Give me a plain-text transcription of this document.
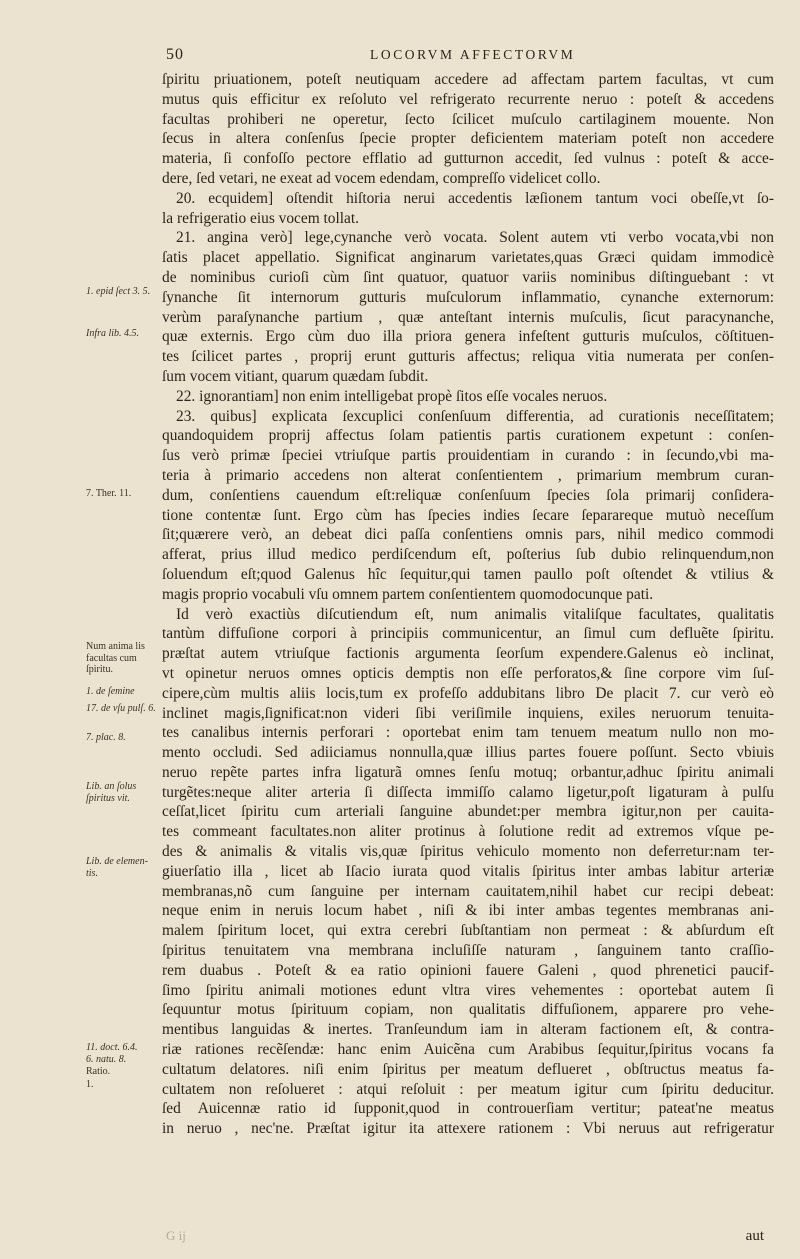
50	LOCORVM AFFECTORVM
1. epid ſect 3. 5.
Infra lib. 4.5.
7. Ther. 11.
Num anima lis facultas cum ſpiritu.
1. de ſemine
17. de vſu pulſ. 6.
7. plac. 8.
Lib. an ſolus ſpiritus vit.
Lib. de elemen- tis.
11. doct. 6.4.
6. natu. 8.
Ratio.
1.
ſpiritu priuationem, poteſt neutiquam accedere ad affectam partem facultas, vt cum
mutus quis efficitur ex reſoluto vel refrigerato recurrente neruo : poteſt & accedens
facultas prohiberi ne operetur, ſecto ſcilicet muſculo cartilaginem mouente. Non
ſecus in altera conſenſus ſpecie propter deficientem materiam poteſt non accedere
materia, ſi confoſſo pectore efflatio ad gutturnon accedit, ſed vulnus : poteſt & acce-
dere, ſed vetari, ne exeat ad vocem edendam, compreſſo videlicet collo.
20. ecquidem] oſtendit hiſtoria nerui accedentis læſionem tantum voci obeſſe,vt ſo-
la refrigeratio eius vocem tollat.
21. angina verò] lege,cynanche verò vocata. Solent autem vti verbo vocata,vbi non
ſatis placet appellatio. Significat anginarum varietates,quas Græci quidam immodicè
de nominibus curioſi cùm ſint quatuor, quatuor variis nominibus diſtinguebant : vt
ſynanche ſit internorum gutturis muſculorum inflammatio, cynanche externorum:
verùm paraſynanche partium , quæ anteſtant internis muſculis, ſicut paracynanche,
quæ externis. Ergo cùm duo illa priora genera infeſtent gutturis muſculos, cöſtituen-
tes ſcilicet partes , proprij erunt gutturis affectus; reliqua vitia numerata per conſen-
ſum vocem vitiant, quarum quædam ſubdit.
22. ignorantiam] non enim intelligebat propè ſitos eſſe vocales neruos.
23. quibus] explicata ſexcuplici conſenſuum differentia, ad curationis neceſſitatem;
quandoquidem proprij affectus ſolam patientis partis curationem expetunt : conſen-
ſus verò primæ ſpeciei vtriuſque partis prouidentiam in curando : in ſecundo,vbi ma-
teria à primario accedens non alterat conſentientem , primarium membrum curan-
dum, conſentiens cauendum eſt:reliquæ conſenſuum ſpecies ſola primarij conſidera-
tione contentæ ſunt. Ergo cùm has ſpecies indies ſecare ſeparareque mutuò neceſſum
ſit;quærere verò, an debeat dici paſſa conſentiens omnis pars, nihil medico commodi
afferat, prius illud medico perdiſcendum eſt, poſterius ſub dubio relinquendum,non
ſoluendum eſt;quod Galenus hîc ſequitur,qui tamen paullo poſt oſtendet & vtilius &
magis proprio vocabuli vſu omnem partem conſentientem quomodocunque pati.
Id verò exactiùs diſcutiendum eſt, num animalis vitaliſque facultates, qualitatis
tantùm diffuſione corpori à principiis communicentur, an ſimul cum defluẽte ſpiritu.
præſtat autem vtriuſque factionis argumenta ſeorſum expendere.Galenus eò inclinat,
vt opinetur neruos omnes opticis demptis non eſſe perforatos,& ſine corpore vim ſuſ-
cipere,cùm multis aliis locis,tum ex profeſſo addubitans libro De placit 7. cur verò eò
inclinet magis,ſignificat:non videri ſibi veriſimile inquiens, exiles neruorum tenuita-
tes canalibus internis perforari : oportebat enim tam tenuem meatum nullo non mo-
mento occludi. Sed adiiciamus nonnulla,quæ illius partes fouere poſſunt. Secto vbiuis
neruo repẽte partes infra ligaturã omnes ſenſu motuq; orbantur,adhuc ſpiritu animali
turgẽtes:neque aliter arteria ſi diſſecta immiſſo calamo ligetur,poſt ligaturam à pulſu
ceſſat,licet ſpiritu cum arteriali ſanguine abundet:per membra igitur,non per cauita-
tes commeant facultates.non aliter protinus à ſolutione redit ad extremos vſque pe-
des & animalis & vitalis vis,quæ ſpiritus vehiculo momento non deferretur:nam ter-
giuerſatio illa , licet ab Iſacio iurata quod vitalis ſpiritus inter ambas labitur arteriæ
membranas,nõ cum ſanguine per internam cauitatem,nihil habet cur recipi debeat:
neque enim in neruis locum habet , niſi & ibi inter ambas tegentes membranas ani-
malem ſpiritum locet, qui extra cerebri ſubſtantiam non permeat : & abſurdum eſt
ſpiritus tenuitatem vna membrana incluſiſſe naturam , ſanguinem tanto craſſio-
rem duabus . Poteſt & ea ratio opinioni fauere Galeni , quod phrenetici paucif-
ſimo ſpiritu animali motiones edunt vltra vires vehementes : oportebat autem ſi
ſequuntur motus ſpirituum copiam, non qualitatis diffuſionem, apparere pro vehe-
mentibus languidas & inertes. Tranſeundum iam in alteram factionem eſt, & contra-
riæ rationes recẽſendæ: hanc enim Auicẽna cum Arabibus ſequitur,ſpiritus vocans fa
cultatum delatores. niſi enim ſpiritus per meatum deflueret , obſtructus meatus fa-
cultatem non reſolueret : atqui reſoluit : per meatum igitur cum ſpiritu deducitur.
ſed Auicennæ ratio id ſupponit,quod in controuerſiam vertitur; pateat'ne meatus
in neruo , nec'ne. Præſtat igitur ita atteхere rationem : Vbi neruus aut refrigeratur
G ij	aut
